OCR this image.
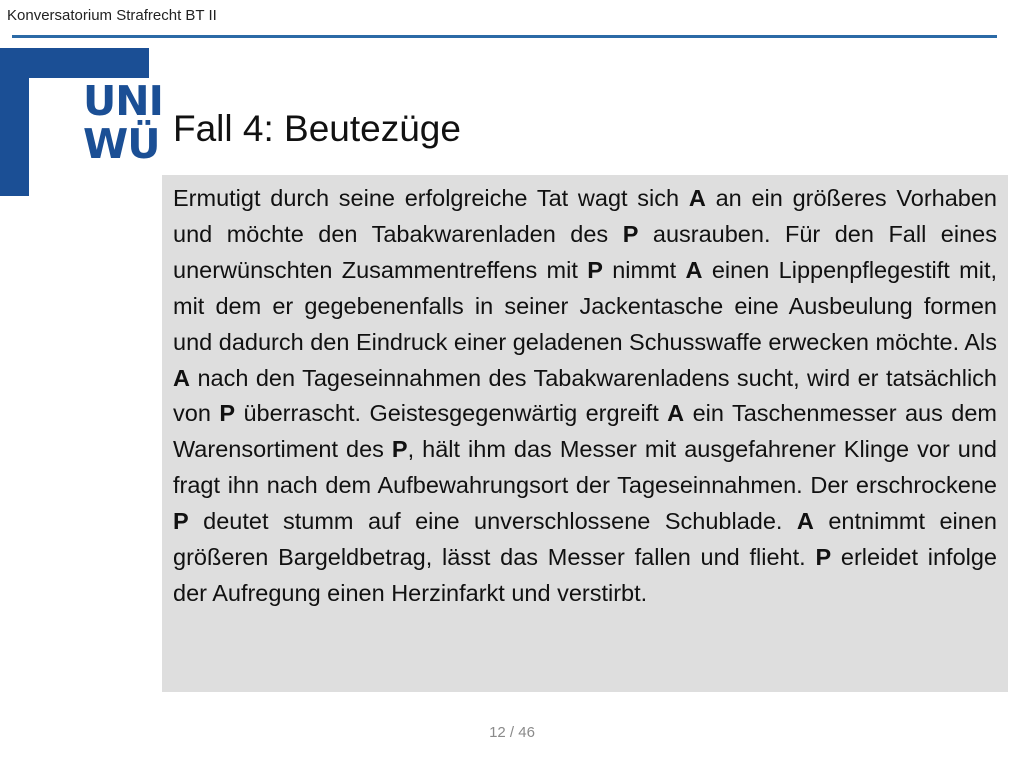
Konversatorium Strafrecht BT II
UNI
WÜ Fall 4: Beutezüge

Ermutigt durch seine erfolgreiche Tat wagt sich A an ein größeres Vorhaben und möchte den Tabakwarenladen des P ausrauben. Für den Fall eines unerwünschten Zusammentreffens mit P nimmt A einen Lippenpflegestift mit, mit dem er gegebenenfalls in seiner Jackentasche eine Ausbeulung formen und dadurch den Eindruck einer geladenen Schusswaffe erwecken möchte. Als A nach den Tageseinnahmen des Tabakwarenladens sucht, wird er tatsächlich von P überrascht. Geistesgegenwärtig ergreift A ein Taschenmesser aus dem Warensortiment des P, hält ihm das Messer mit ausgefahrener Klinge vor und fragt ihn nach dem Aufbewahrungsort der Tageseinnahmen. Der erschrockene P deutet stumm auf eine unverschlossene Schublade. A entnimmt einen größeren Bargeldbetrag, lässt das Messer fallen und flieht. P erleidet infolge der Aufregung einen Herzinfarkt und verstirbt.

12 / 46
